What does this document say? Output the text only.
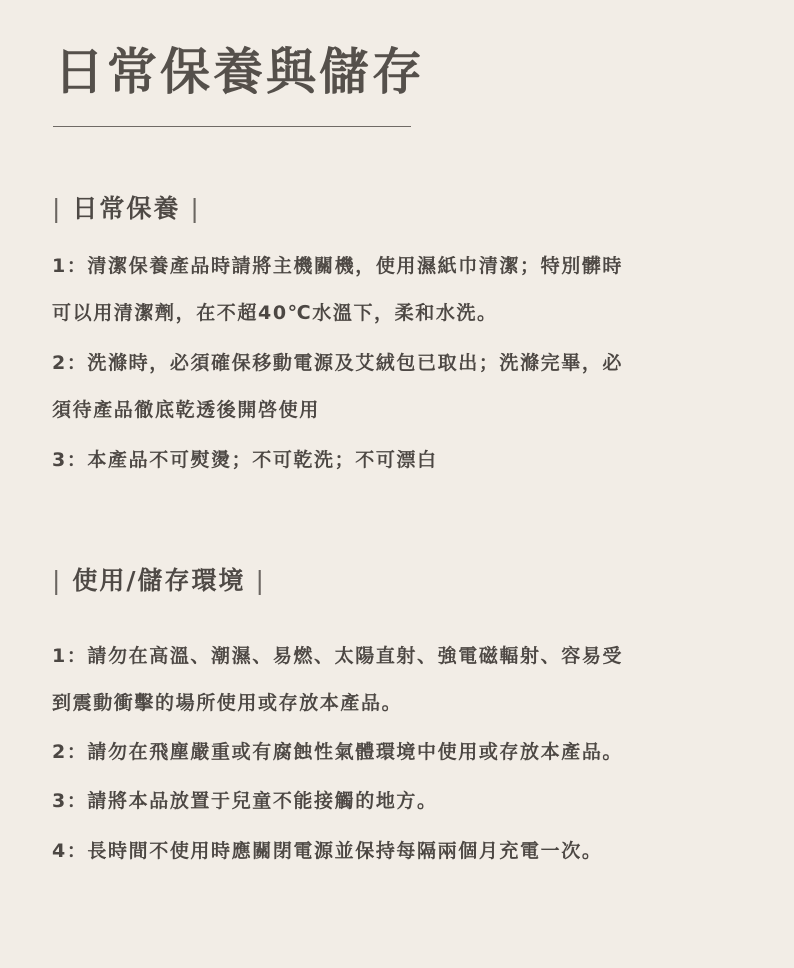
日常保養與儲存
| 日常保養 |

1：清潔保養產品時請將主機關機，使用濕紙巾清潔；特別髒時

可以用清潔劑，在不超40℃水溫下，柔和水洗。

2：洗滌時，必須確保移動電源及艾絨包已取出；洗滌完畢，必

須待產品徹底乾透後開啓使用

3：本產品不可熨燙；不可乾洗；不可漂白

| 使用/儲存環境 |

1：請勿在高溫、潮濕、易燃、太陽直射、強電磁輻射、容易受

到震動衝擊的場所使用或存放本產品。

2：請勿在飛塵嚴重或有腐蝕性氣體環境中使用或存放本產品。

3：請將本品放置于兒童不能接觸的地方。

4：長時間不使用時應關閉電源並保持每隔兩個月充電一次。
